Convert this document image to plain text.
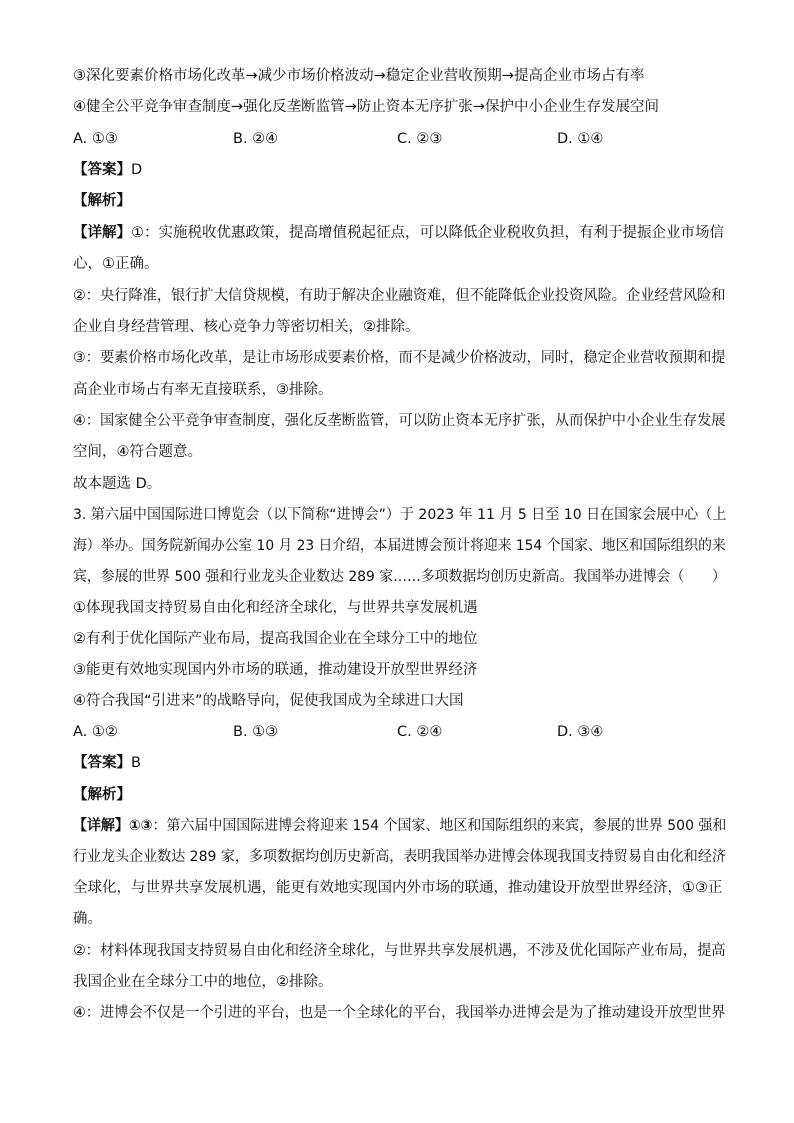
③深化要素价格市场化改革→减少市场价格波动→稳定企业营收预期→提高企业市场占有率
④健全公平竞争审查制度→强化反垄断监管→防止资本无序扩张→保护中小企业生存发展空间
A. ①③	B. ②④	C. ②③	D. ①④
【答案】D
【解析】
【详解】①：实施税收优惠政策，提高增值税起征点，可以降低企业税收负担，有利于提振企业市场信
心，①正确。
②：央行降准，银行扩大信贷规模，有助于解决企业融资难，但不能降低企业投资风险。企业经营风险和
企业自身经营管理、核心竞争力等密切相关，②排除。
③：要素价格市场化改革，是让市场形成要素价格，而不是减少价格波动，同时，稳定企业营收预期和提
高企业市场占有率无直接联系，③排除。
④：国家健全公平竞争审查制度，强化反垄断监管，可以防止资本无序扩张，从而保护中小企业生存发展
空间，④符合题意。
故本题选 D。
3. 第六届中国国际进口博览会（以下简称“进博会”）于 2023 年 11 月 5 日至 10 日在国家会展中心（上
海）举办。国务院新闻办公室 10 月 23 日介绍，本届进博会预计将迎来 154 个国家、地区和国际组织的来
宾，参展的世界 500 强和行业龙头企业数达 289 家……多项数据均创历史新高。我国举办进博会（　　）
①体现我国支持贸易自由化和经济全球化，与世界共享发展机遇
②有利于优化国际产业布局，提高我国企业在全球分工中的地位
③能更有效地实现国内外市场的联通，推动建设开放型世界经济
④符合我国“引进来”的战略导向，促使我国成为全球进口大国
A. ①②	B. ①③	C. ②④	D. ③④
【答案】B
【解析】
【详解】①③：第六届中国国际进博会将迎来 154 个国家、地区和国际组织的来宾，参展的世界 500 强和
行业龙头企业数达 289 家，多项数据均创历史新高，表明我国举办进博会体现我国支持贸易自由化和经济
全球化，与世界共享发展机遇，能更有效地实现国内外市场的联通，推动建设开放型世界经济，①③正
确。
②：材料体现我国支持贸易自由化和经济全球化，与世界共享发展机遇，不涉及优化国际产业布局，提高
我国企业在全球分工中的地位，②排除。
④：进博会不仅是一个引进的平台，也是一个全球化的平台，我国举办进博会是为了推动建设开放型世界
